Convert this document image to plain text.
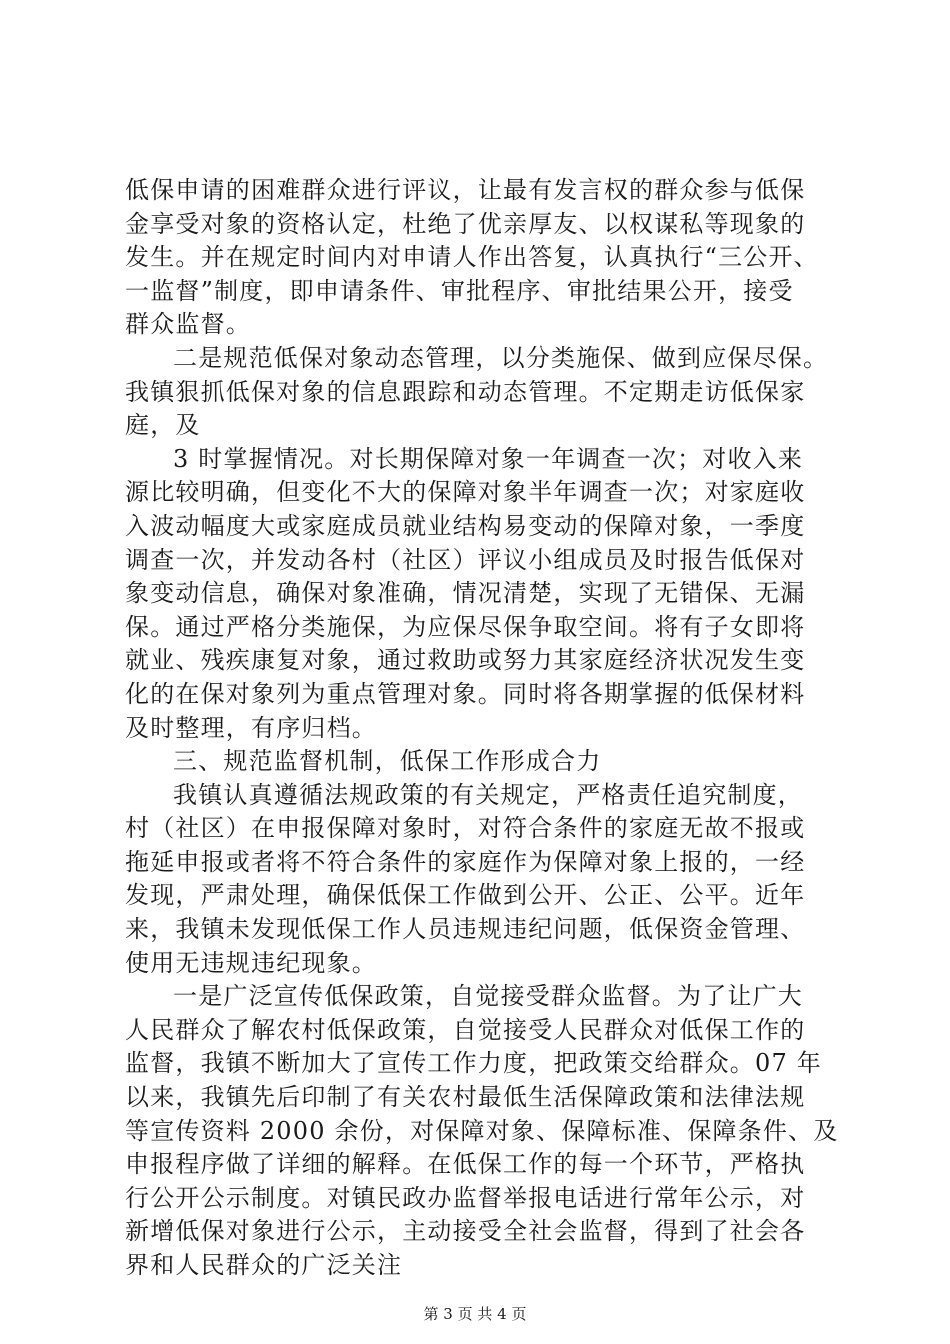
低保申请的困难群众进行评议，让最有发言权的群众参与低保
金享受对象的资格认定，杜绝了优亲厚友、以权谋私等现象的
发生。并在规定时间内对申请人作出答复，认真执行“三公开、
一监督”制度，即申请条件、审批程序、审批结果公开，接受
群众监督。
二是规范低保对象动态管理，以分类施保、做到应保尽保。
我镇狠抓低保对象的信息跟踪和动态管理。不定期走访低保家
庭，及
3 时掌握情况。对长期保障对象一年调查一次；对收入来
源比较明确，但变化不大的保障对象半年调查一次；对家庭收
入波动幅度大或家庭成员就业结构易变动的保障对象，一季度
调查一次，并发动各村（社区）评议小组成员及时报告低保对
象变动信息，确保对象准确，情况清楚，实现了无错保、无漏
保。通过严格分类施保，为应保尽保争取空间。将有子女即将
就业、残疾康复对象，通过救助或努力其家庭经济状况发生变
化的在保对象列为重点管理对象。同时将各期掌握的低保材料
及时整理，有序归档。
三、规范监督机制，低保工作形成合力
我镇认真遵循法规政策的有关规定，严格责任追究制度，
村（社区）在申报保障对象时，对符合条件的家庭无故不报或
拖延申报或者将不符合条件的家庭作为保障对象上报的，一经
发现，严肃处理，确保低保工作做到公开、公正、公平。近年
来，我镇未发现低保工作人员违规违纪问题，低保资金管理、
使用无违规违纪现象。
一是广泛宣传低保政策，自觉接受群众监督。为了让广大
人民群众了解农村低保政策，自觉接受人民群众对低保工作的
监督，我镇不断加大了宣传工作力度，把政策交给群众。07 年
以来，我镇先后印制了有关农村最低生活保障政策和法律法规
等宣传资料 2000 余份，对保障对象、保障标准、保障条件、及
申报程序做了详细的解释。在低保工作的每一个环节，严格执
行公开公示制度。对镇民政办监督举报电话进行常年公示，对
新增低保对象进行公示，主动接受全社会监督，得到了社会各
界和人民群众的广泛关注
第 3 页 共 4 页
